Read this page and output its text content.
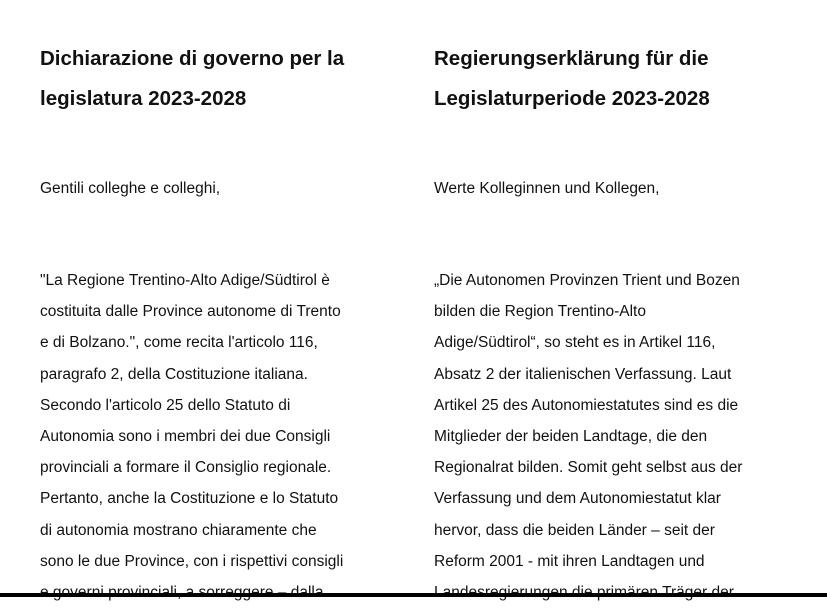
Dichiarazione di governo per la
legislatura 2023-2028

Gentili colleghe e colleghi,

"La Regione Trentino-Alto Adige/Südtirol è
costituita dalle Province autonome di Trento
e di Bolzano.", come recita l'articolo 116,
paragrafo 2, della Costituzione italiana.
Secondo l'articolo 25 dello Statuto di
Autonomia sono i membri dei due Consigli
provinciali a formare il Consiglio regionale.
Pertanto, anche la Costituzione e lo Statuto
di autonomia mostrano chiaramente che
sono le due Province, con i rispettivi consigli

Regierungserklärung für die
Legislaturperiode 2023-2028

Werte Kolleginnen und Kollegen,

„Die Autonomen Provinzen Trient und Bozen
bilden die Region Trentino-Alto
Adige/Südtirol“, so steht es in Artikel 116,
Absatz 2 der italienischen Verfassung. Laut
Artikel 25 des Autonomiestatutes sind es die
Mitglieder der beiden Landtage, die den
Regionalrat bilden. Somit geht selbst aus der
Verfassung und dem Autonomiestatut klar
hervor, dass die beiden Länder – seit der
Reform 2001 - mit ihren Landtagen und
